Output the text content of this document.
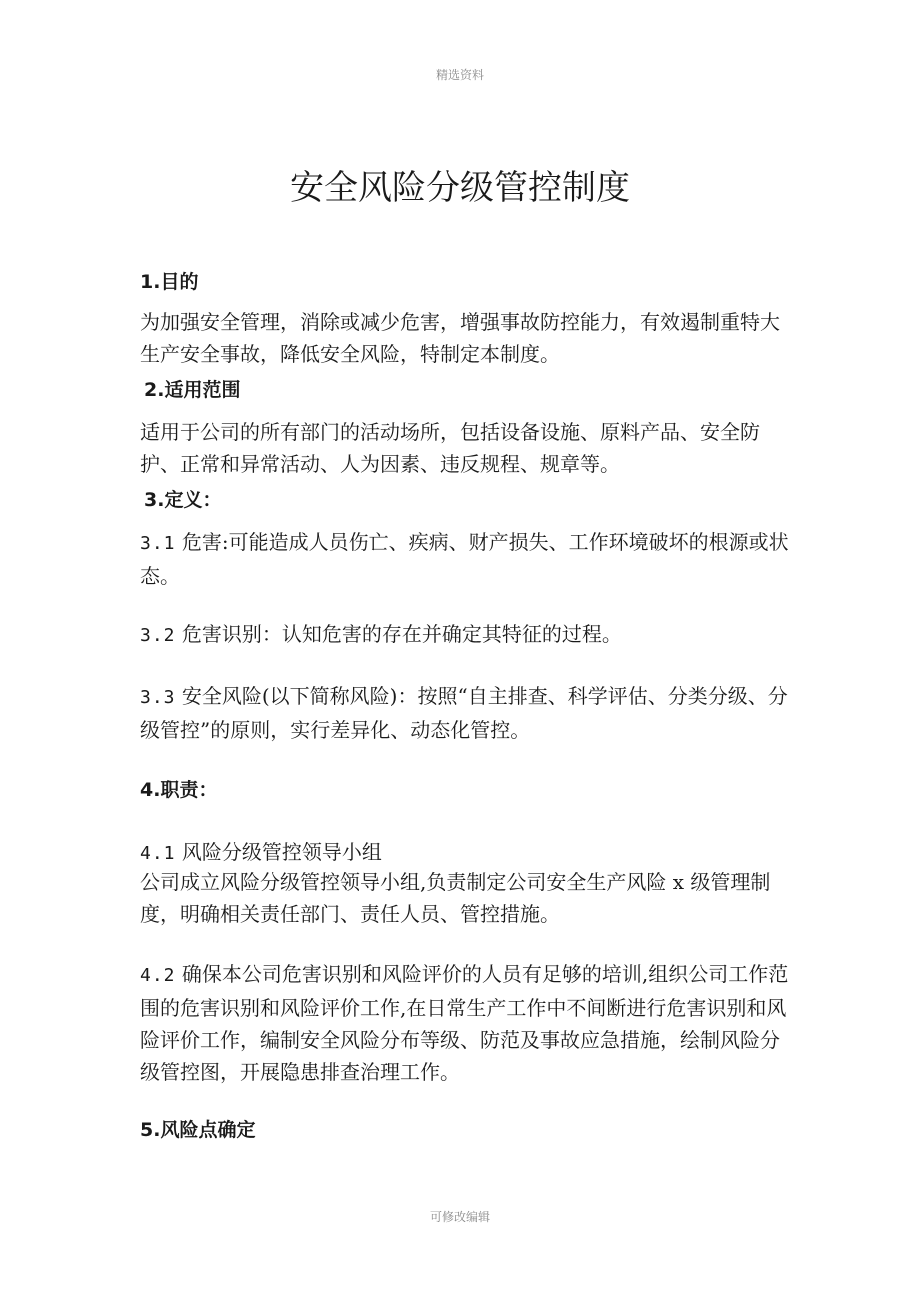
精选资料
安全风险分级管控制度

1.目的

为加强安全管理，消除或减少危害，增强事故防控能力，有效遏制重特大生产安全事故，降低安全风险，特制定本制度。

2.适用范围

适用于公司的所有部门的活动场所，包括设备设施、原料产品、安全防护、正常和异常活动、人为因素、违反规程、规章等。

3.定义：

3.1 危害:可能造成人员伤亡、疾病、财产损失、工作环境破坏的根源或状态。

3.2 危害识别：认知危害的存在并确定其特征的过程。

3.3 安全风险(以下简称风险)：按照“自主排查、科学评估、分类分级、分级管控”的原则，实行差异化、动态化管控。

4.职责：

4.1 风险分级管控领导小组

公司成立风险分级管控领导小组,负责制定公司安全生产风险 x 级管理制度，明确相关责任部门、责任人员、管控措施。

4.2 确保本公司危害识别和风险评价的人员有足够的培训,组织公司工作范围的危害识别和风险评价工作,在日常生产工作中不间断进行危害识别和风险评价工作，编制安全风险分布等级、防范及事故应急措施，绘制风险分级管控图，开展隐患排查治理工作。

5.风险点确定

可修改编辑
